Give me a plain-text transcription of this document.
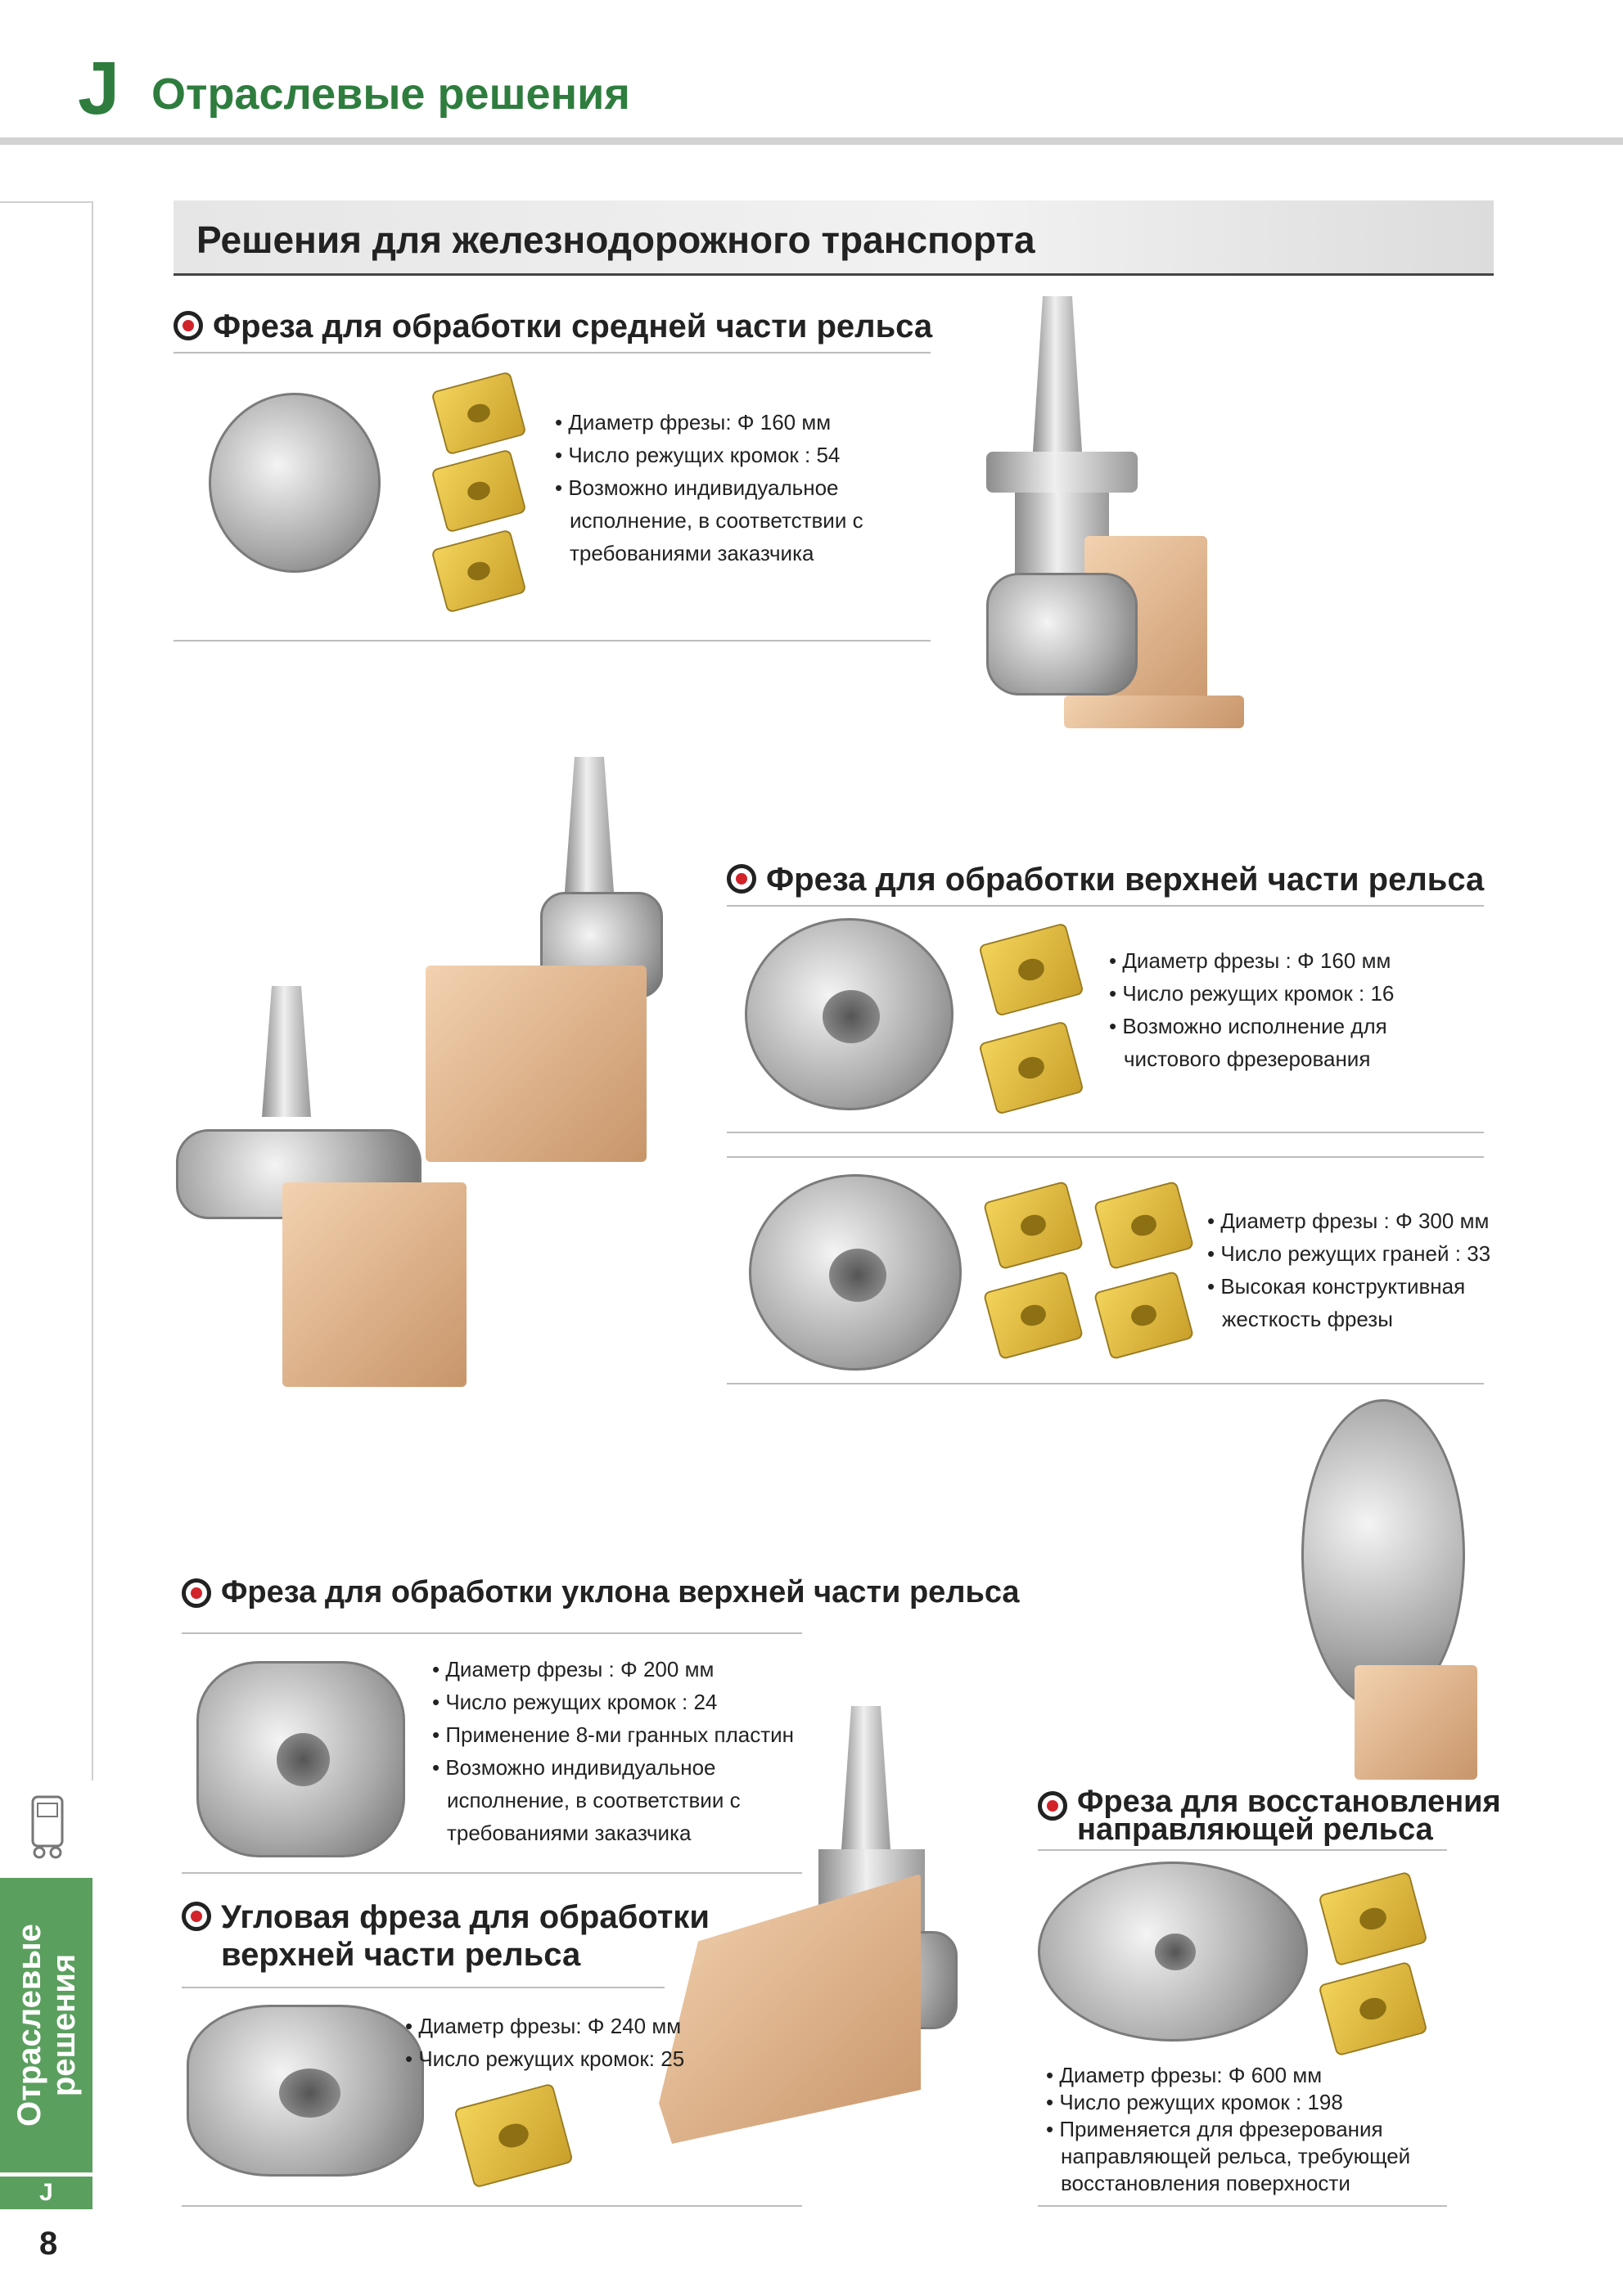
J Отраслевые решения
Отраслевые
решения
J
8
Решения для железнодорожного транспорта
Фреза для обработки средней части рельса
• Диаметр фрезы: Φ 160 мм
• Число режущих кромок : 54
• Возможно индивидуальное исполнение, в соответствии с требованиями заказчика
Фреза для обработки верхней части рельса
• Диаметр фрезы : Φ 160 мм
• Число режущих кромок : 16
• Возможно исполнение для чистового фрезерования
• Диаметр фрезы : Φ 300 мм
• Число режущих граней : 33
• Высокая конструктивная жесткость фрезы
Фреза для обработки уклона верхней части рельса
• Диаметр фрезы : Φ 200 мм
• Число режущих кромок : 24
• Применение 8-ми гранных пластин
• Возможно индивидуальное исполнение, в соответствии с требованиями заказчика
Угловая фреза для обработки
верхней части рельса
• Диаметр фрезы: Φ 240 мм
• Число режущих кромок: 25
Фреза для восстановления
направляющей рельса
• Диаметр фрезы: Φ 600 мм
• Число режущих кромок : 198
• Применяется для фрезерования направляющей рельса, требующей восстановления поверхности
